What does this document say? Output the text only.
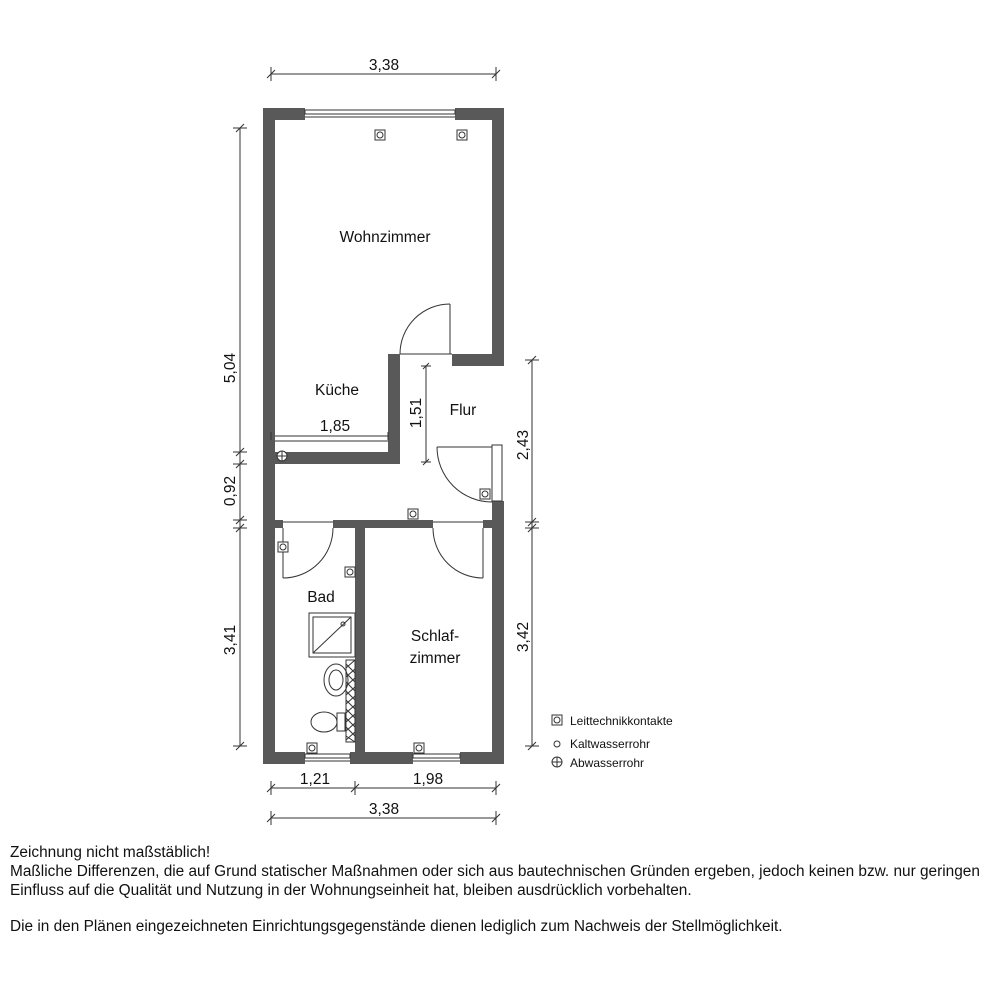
Wohnzimmer
Küche
Flur
Bad
Schlaf-
zimmer
3,38
3,38
1,21	1,98
1,85
5,04
0,92
3,41
2,43
3,42
1,51
Leittechnikkontakte
Kaltwasserrohr
Abwasserrohr

Zeichnung nicht maßstäblich!

Maßliche Differenzen, die auf Grund statischer Maßnahmen oder sich aus bautechnischen Gründen ergeben, jedoch keinen bzw. nur geringen Einfluss auf die Qualität und Nutzung in der Wohnungseinheit hat, bleiben ausdrücklich vorbehalten.

Die in den Plänen eingezeichneten Einrichtungsgegenstände dienen lediglich zum Nachweis der Stellmöglichkeit.
